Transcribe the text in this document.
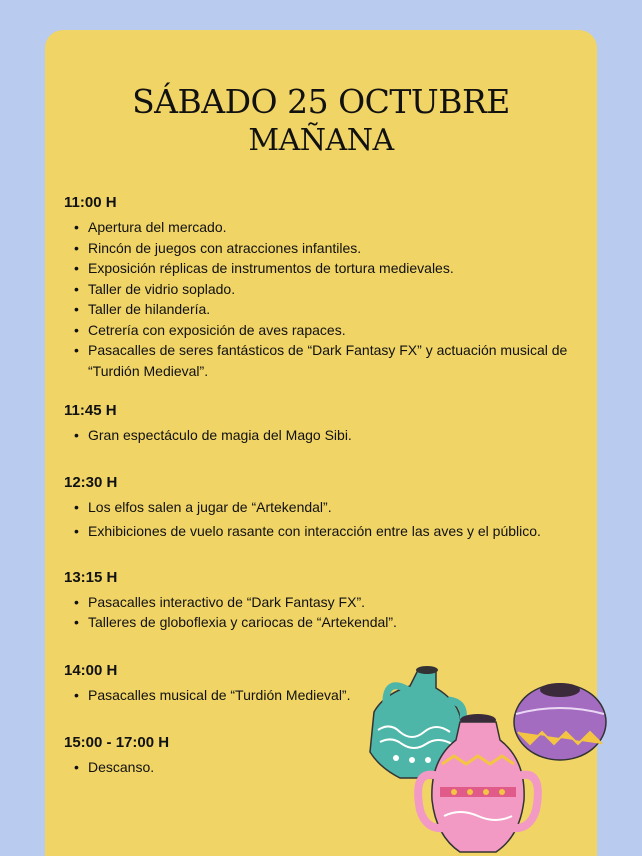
SÁBADO 25 OCTUBRE
MAÑANA
11:00 H
• Apertura del mercado.
• Rincón de juegos con atracciones infantiles.
• Exposición réplicas de instrumentos de tortura medievales.
• Taller de vidrio soplado.
• Taller de hilandería.
• Cetrería con exposición de aves rapaces.
• Pasacalles de seres fantásticos de “Dark Fantasy FX” y actuación musical de “Turdión Medieval”.
11:45 H
• Gran espectáculo de magia del Mago Sibi.
12:30 H
• Los elfos salen a jugar de “Artekendal”.
• Exhibiciones de vuelo rasante con interacción entre las aves y el público.
13:15 H
• Pasacalles interactivo de “Dark Fantasy FX”.
• Talleres de globoflexia y cariocas de “Artekendal”.
14:00 H
• Pasacalles musical de “Turdión Medieval”.
15:00 - 17:00 H
• Descanso.
